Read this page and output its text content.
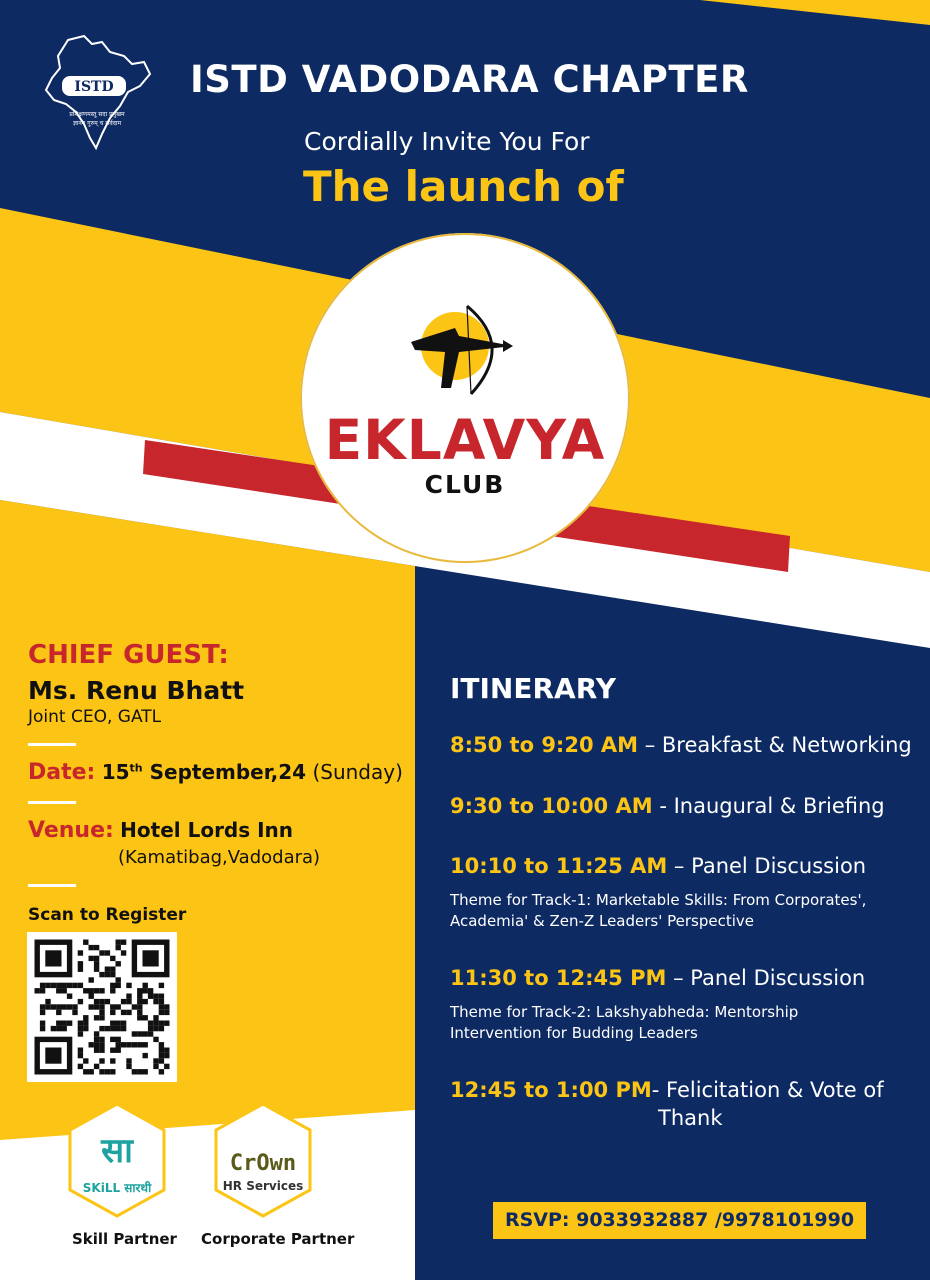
ISTD
प्रशिक्षणमस्तु सदा प्रमुखम
ज्ञानम् गुरुम् च सर्वदाम
ISTD VADODARA CHAPTER
Cordially Invite You For
The launch of
EKLAVYA
CLUB
CHIEF GUEST:
Ms. Renu Bhatt
Joint CEO, GATL
Date: 15th September,24 (Sunday)
Venue: Hotel Lords Inn
(Kamatibag,Vadodara)
Scan to Register
सा
SKiLL सारथी
CrOwn
HR Services
Skill Partner Corporate Partner
ITINERARY
8:50 to 9:20 AM – Breakfast & Networking
9:30 to 10:00 AM - Inaugural & Briefing
10:10 to 11:25 AM – Panel Discussion
Theme for Track-1: Marketable Skills: From Corporates',
Academia' & Zen-Z Leaders' Perspective
11:30 to 12:45 PM – Panel Discussion
Theme for Track-2: Lakshyabheda: Mentorship
Intervention for Budding Leaders
12:45 to 1:00 PM- Felicitation & Vote of
Thank
RSVP: 9033932887 /9978101990
